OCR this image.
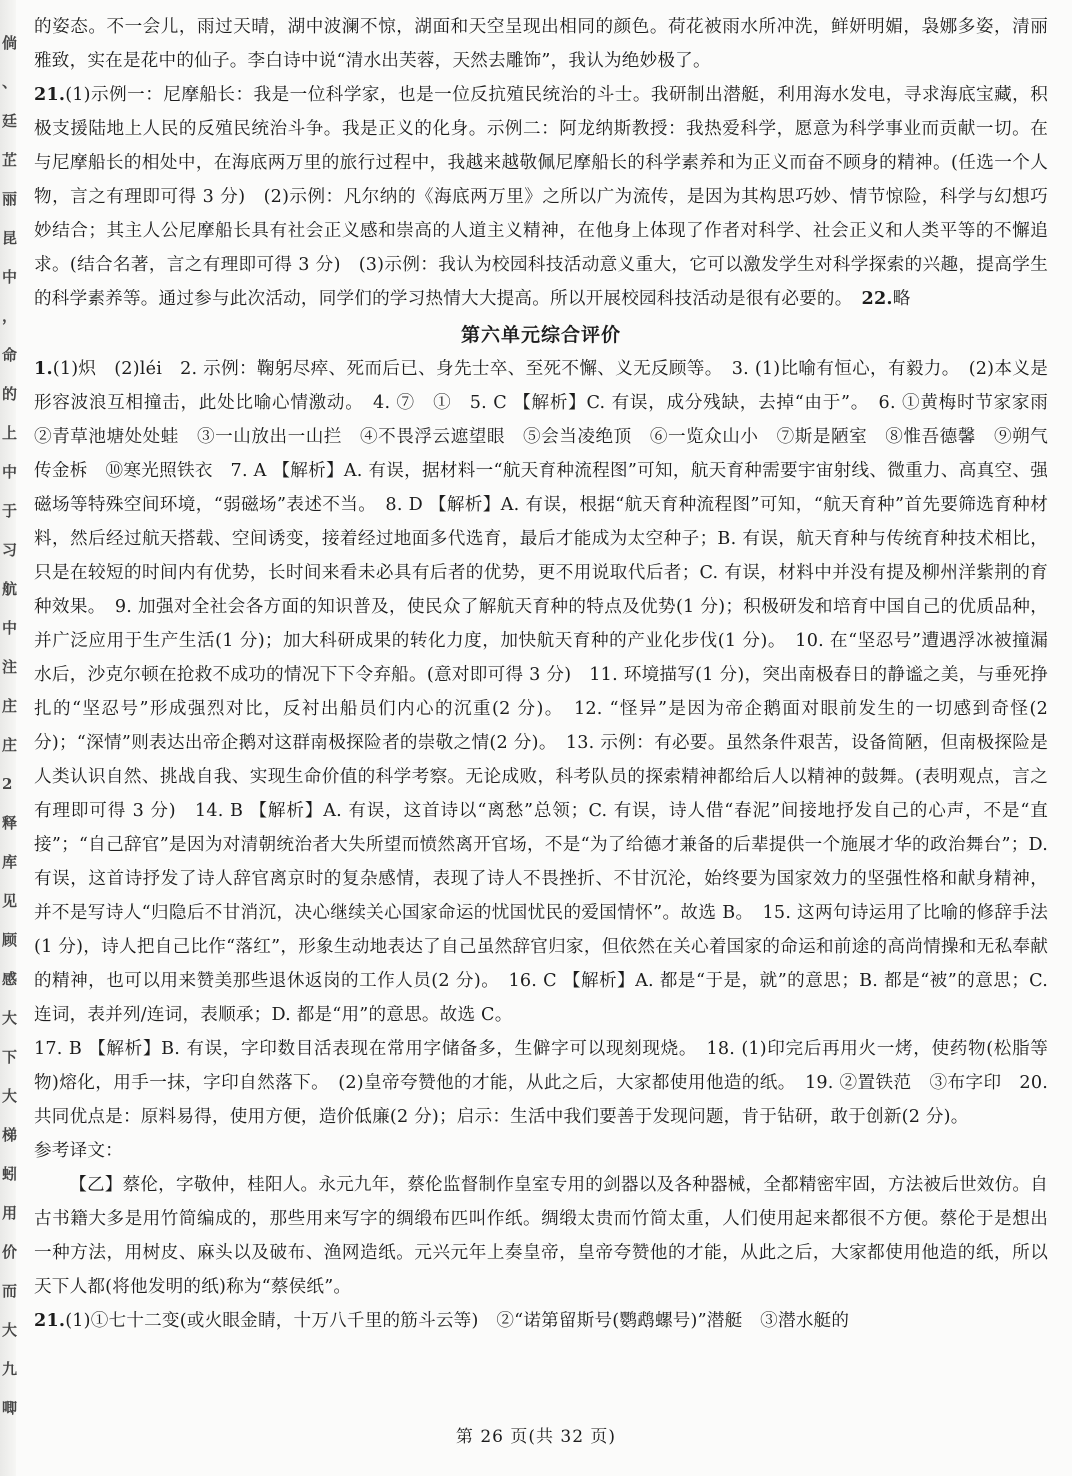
倘
、
廷
芷
丽
昆
中
，
命
的
上
中
于
习
航
中
注
庄
庄
2
释
库
见
顾
感
大
下
大
梯
蚓
用
价
而
大
九
唧

的姿态。不一会儿，雨过天晴，湖中波澜不惊，湖面和天空呈现出相同的颜色。荷花被雨水所冲洗，鲜妍明媚，袅娜多姿，清丽雅致，实在是花中的仙子。李白诗中说“清水出芙蓉，天然去雕饰”，我认为绝妙极了。

21.(1)示例一：尼摩船长：我是一位科学家，也是一位反抗殖民统治的斗士。我研制出潜艇，利用海水发电，寻求海底宝藏，积极支援陆地上人民的反殖民统治斗争。我是正义的化身。示例二：阿龙纳斯教授：我热爱科学，愿意为科学事业而贡献一切。在与尼摩船长的相处中，在海底两万里的旅行过程中，我越来越敬佩尼摩船长的科学素养和为正义而奋不顾身的精神。(任选一个人物，言之有理即可得 3 分)　(2)示例：凡尔纳的《海底两万里》之所以广为流传，是因为其构思巧妙、情节惊险，科学与幻想巧妙结合；其主人公尼摩船长具有社会正义感和崇高的人道主义精神，在他身上体现了作者对科学、社会正义和人类平等的不懈追求。(结合名著，言之有理即可得 3 分)　(3)示例：我认为校园科技活动意义重大，它可以激发学生对科学探索的兴趣，提高学生的科学素养等。通过参与此次活动，同学们的学习热情大大提高。所以开展校园科技活动是很有必要的。　 22.略

第六单元综合评价

1.(1)炽　(2)léi　2. 示例：鞠躬尽瘁、死而后已、身先士卒、至死不懈、义无反顾等。　3. (1)比喻有恒心，有毅力。　(2)本义是形容波浪互相撞击，此处比喻心情激动。　4. ⑦　①　5. C 【解析】C. 有误，成分残缺，去掉“由于”。　6. ①黄梅时节家家雨　②青草池塘处处蛙　③一山放出一山拦　④不畏浮云遮望眼　⑤会当凌绝顶　⑥一览众山小　⑦斯是陋室　⑧惟吾德馨　⑨朔气传金柝　⑩寒光照铁衣　7. A 【解析】A. 有误，据材料一“航天育种流程图”可知，航天育种需要宇宙射线、微重力、高真空、强磁场等特殊空间环境，“弱磁场”表述不当。　8. D 【解析】A. 有误，根据“航天育种流程图”可知，“航天育种”首先要筛选育种材料，然后经过航天搭载、空间诱变，接着经过地面多代选育，最后才能成为太空种子；B. 有误，航天育种与传统育种技术相比，只是在较短的时间内有优势，长时间来看未必具有后者的优势，更不用说取代后者；C. 有误，材料中并没有提及柳州洋紫荆的育种效果。　9. 加强对全社会各方面的知识普及，使民众了解航天育种的特点及优势(1 分)；积极研发和培育中国自己的优质品种，并广泛应用于生产生活(1 分)；加大科研成果的转化力度，加快航天育种的产业化步伐(1 分)。　10. 在“坚忍号”遭遇浮冰被撞漏水后，沙克尔顿在抢救不成功的情况下下令弃船。(意对即可得 3 分)　11. 环境描写(1 分)，突出南极春日的静谧之美，与垂死挣扎的“坚忍号”形成强烈对比，反衬出船员们内心的沉重(2 分)。　12. “怪异”是因为帝企鹅面对眼前发生的一切感到奇怪(2 分)；“深情”则表达出帝企鹅对这群南极探险者的崇敬之情(2 分)。　13. 示例：有必要。虽然条件艰苦，设备简陋，但南极探险是人类认识自然、挑战自我、实现生命价值的科学考察。无论成败，科考队员的探索精神都给后人以精神的鼓舞。(表明观点，言之有理即可得 3 分)　14. B 【解析】A. 有误，这首诗以“离愁”总领；C. 有误，诗人借“春泥”间接地抒发自己的心声，不是“直接”；“自己辞官”是因为对清朝统治者大失所望而愤然离开官场，不是“为了给德才兼备的后辈提供一个施展才华的政治舞台”；D. 有误，这首诗抒发了诗人辞官离京时的复杂感情，表现了诗人不畏挫折、不甘沉沦，始终要为国家效力的坚强性格和献身精神，并不是写诗人“归隐后不甘消沉，决心继续关心国家命运的忧国忧民的爱国情怀”。故选 B。　15. 这两句诗运用了比喻的修辞手法(1 分)，诗人把自己比作“落红”，形象生动地表达了自己虽然辞官归家，但依然在关心着国家的命运和前途的高尚情操和无私奉献的精神，也可以用来赞美那些退休返岗的工作人员(2 分)。　16. C 【解析】A. 都是“于是，就”的意思；B. 都是“被”的意思；C. 连词，表并列/连词，表顺承；D. 都是“用”的意思。故选 C。

17. B 【解析】B. 有误，字印数目活表现在常用字储备多，生僻字可以现刻现烧。　18. (1)印完后再用火一烤，使药物(松脂等物)熔化，用手一抹，字印自然落下。　(2)皇帝夸赞他的才能，从此之后，大家都使用他造的纸。　19. ②置铁范　③布字印　20. 共同优点是：原料易得，使用方便，造价低廉(2 分)；启示：生活中我们要善于发现问题，肯于钻研，敢于创新(2 分)。

参考译文：

【乙】蔡伦，字敬仲，桂阳人。永元九年，蔡伦监督制作皇室专用的剑器以及各种器械，全都精密牢固，方法被后世效仿。自古书籍大多是用竹简编成的，那些用来写字的绸缎布匹叫作纸。绸缎太贵而竹简太重，人们使用起来都很不方便。蔡伦于是想出一种方法，用树皮、麻头以及破布、渔网造纸。元兴元年上奏皇帝，皇帝夸赞他的才能，从此之后，大家都使用他造的纸，所以天下人都(将他发明的纸)称为“蔡侯纸”。

21.(1)①七十二变(或火眼金睛，十万八千里的筋斗云等)　②“诺第留斯号(鹦鹉螺号)”潜艇　③潜水艇的

第 26 页(共 32 页)
